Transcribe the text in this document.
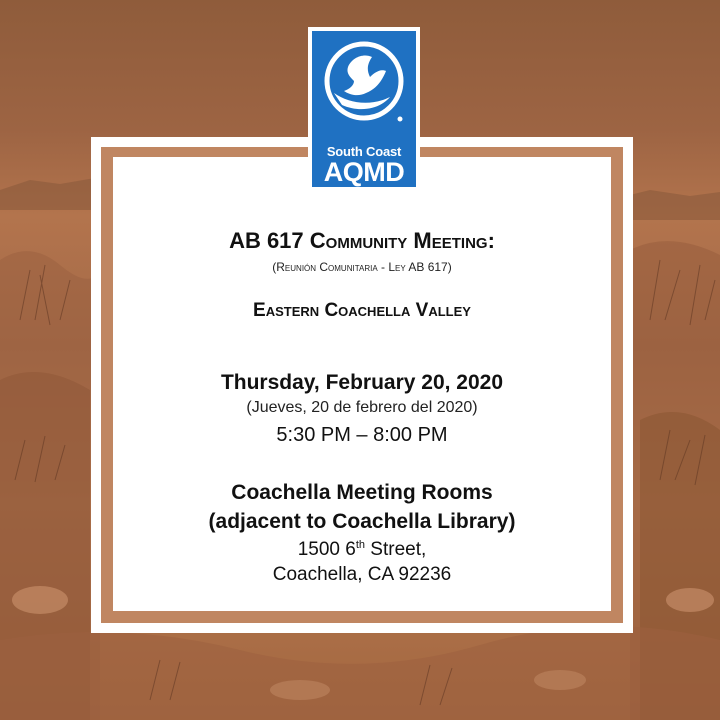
South Coast
AQMD
AB 617 Community Meeting:
(Reunión Comunitaria - Ley AB 617)
Eastern Coachella Valley
Thursday, February 20, 2020
(Jueves, 20 de febrero del 2020)
5:30 PM – 8:00 PM
Coachella Meeting Rooms
(adjacent to Coachella Library)
1500 6th Street,
Coachella, CA 92236
